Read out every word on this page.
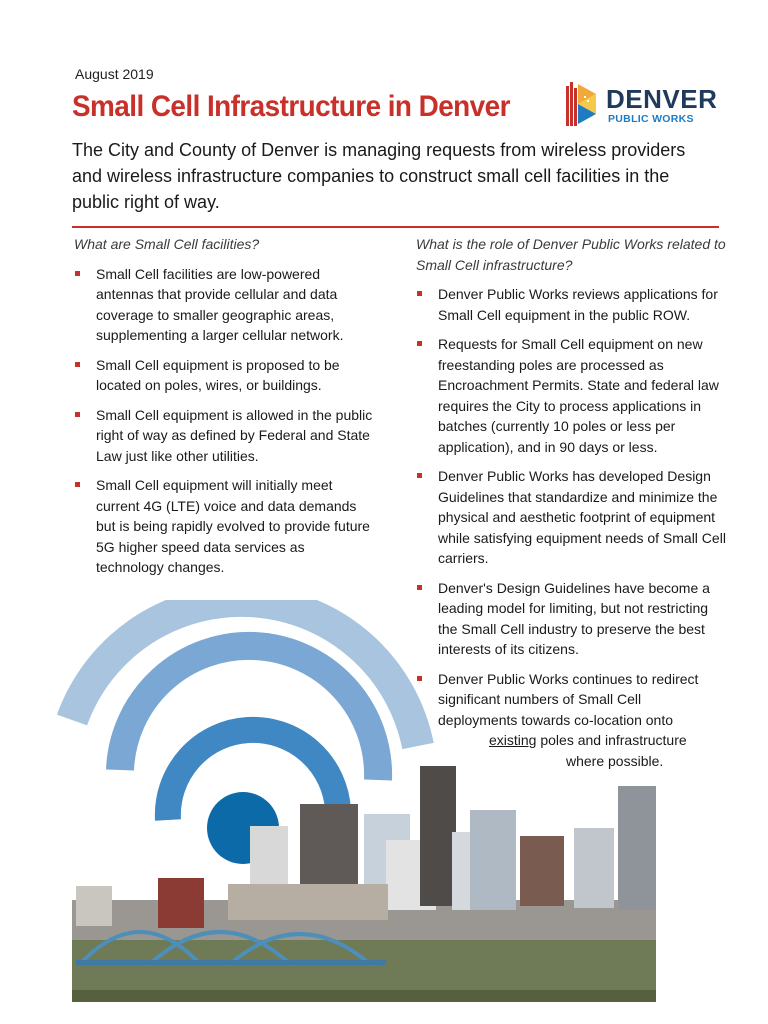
August 2019
Small Cell Infrastructure in Denver	DENVER
PUBLIC WORKS

The City and County of Denver is managing requests from wireless providers and wireless infrastructure companies to construct small cell facilities in the public right of way.

What are Small Cell facilities?

Small Cell facilities are low-powered antennas that provide cellular and data coverage to smaller geographic areas, supplementing a larger cellular network.
Small Cell equipment is proposed to be located on poles, wires, or buildings.
Small Cell equipment is allowed in the public right of way as defined by Federal and State Law just like other utilities.
Small Cell equipment will initially meet current 4G (LTE) voice and data demands but is being rapidly evolved to provide future 5G higher speed data services as technology changes.

What is the role of Denver Public Works related to Small Cell infrastructure?

Denver Public Works reviews applications for Small Cell equipment in the public ROW.
Requests for Small Cell equipment on new freestanding poles are processed as Encroachment Permits. State and federal law requires the City to process applications in batches (currently 10 poles or less per application), and in 90 days or less.
Denver Public Works has developed Design Guidelines that standardize and minimize the physical and aesthetic footprint of equipment while satisfying equipment needs of Small Cell carriers.
Denver's Design Guidelines have become a leading model for limiting, but not restricting the Small Cell industry to preserve the best interests of its citizens.
Denver Public Works continues to redirect
significant numbers of Small Cell
deployments towards co-location onto
existing poles and infrastructure
where possible.
